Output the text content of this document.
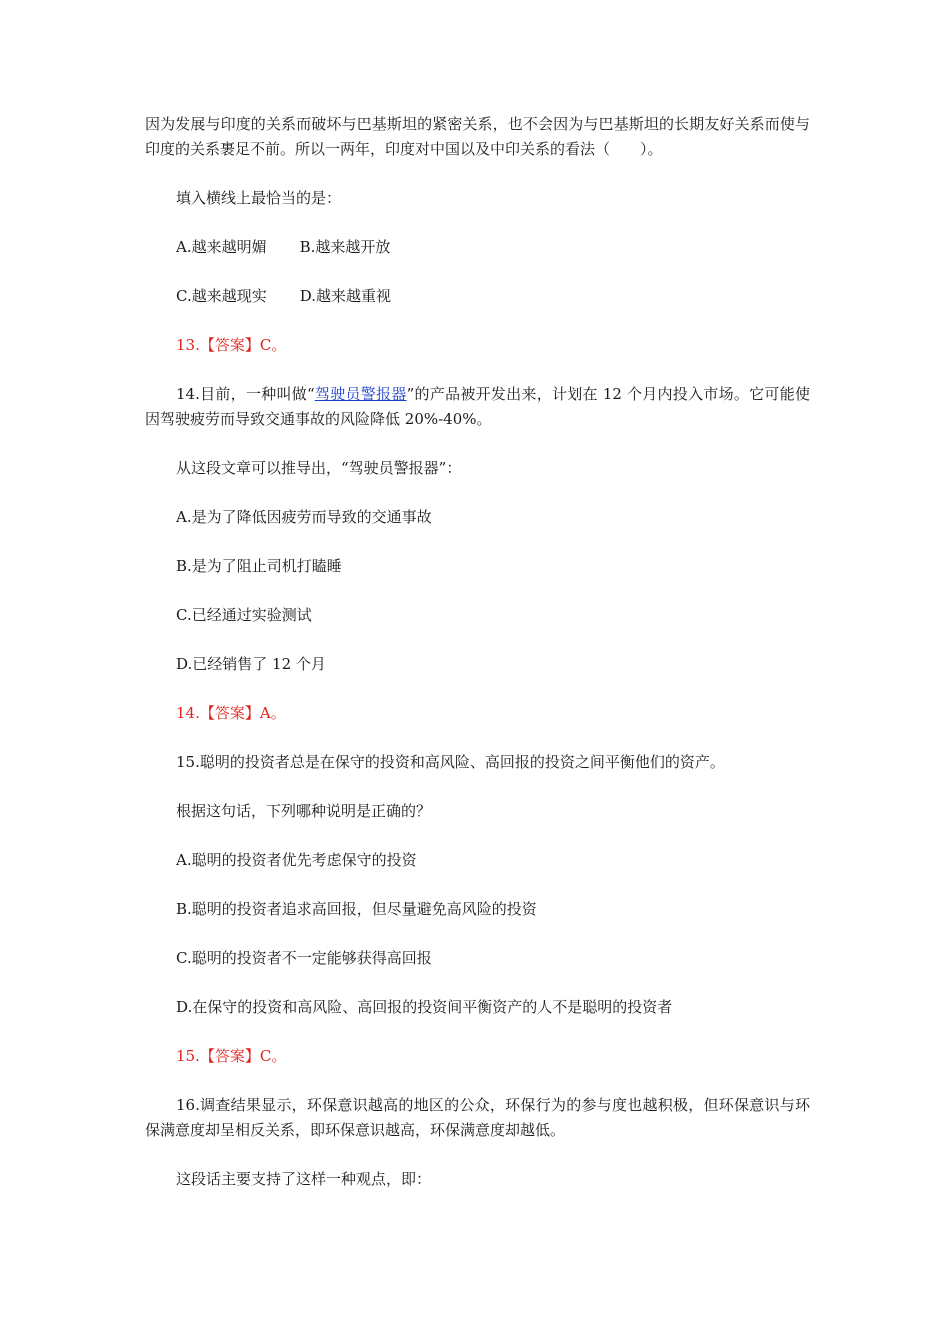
因为发展与印度的关系而破坏与巴基斯坦的紧密关系，也不会因为与巴基斯坦的长期友好关系而使与印度的关系裹足不前。所以一两年，印度对中国以及中印关系的看法（　　）。

填入横线上最恰当的是：

A.越来越明媚 B.越来越开放

C.越来越现实 D.越来越重视

13.【答案】C。

14.目前，一种叫做“驾驶员警报器”的产品被开发出来，计划在 12 个月内投入市场。它可能使因驾驶疲劳而导致交通事故的风险降低 20%-40%。

从这段文章可以推导出，“驾驶员警报器”：

A.是为了降低因疲劳而导致的交通事故

B.是为了阻止司机打瞌睡

C.已经通过实验测试

D.已经销售了 12 个月

14.【答案】A。

15.聪明的投资者总是在保守的投资和高风险、高回报的投资之间平衡他们的资产。

根据这句话，下列哪种说明是正确的？

A.聪明的投资者优先考虑保守的投资

B.聪明的投资者追求高回报，但尽量避免高风险的投资

C.聪明的投资者不一定能够获得高回报

D.在保守的投资和高风险、高回报的投资间平衡资产的人不是聪明的投资者

15.【答案】C。

16.调查结果显示，环保意识越高的地区的公众，环保行为的参与度也越积极，但环保意识与环保满意度却呈相反关系，即环保意识越高，环保满意度却越低。

这段话主要支持了这样一种观点，即：
